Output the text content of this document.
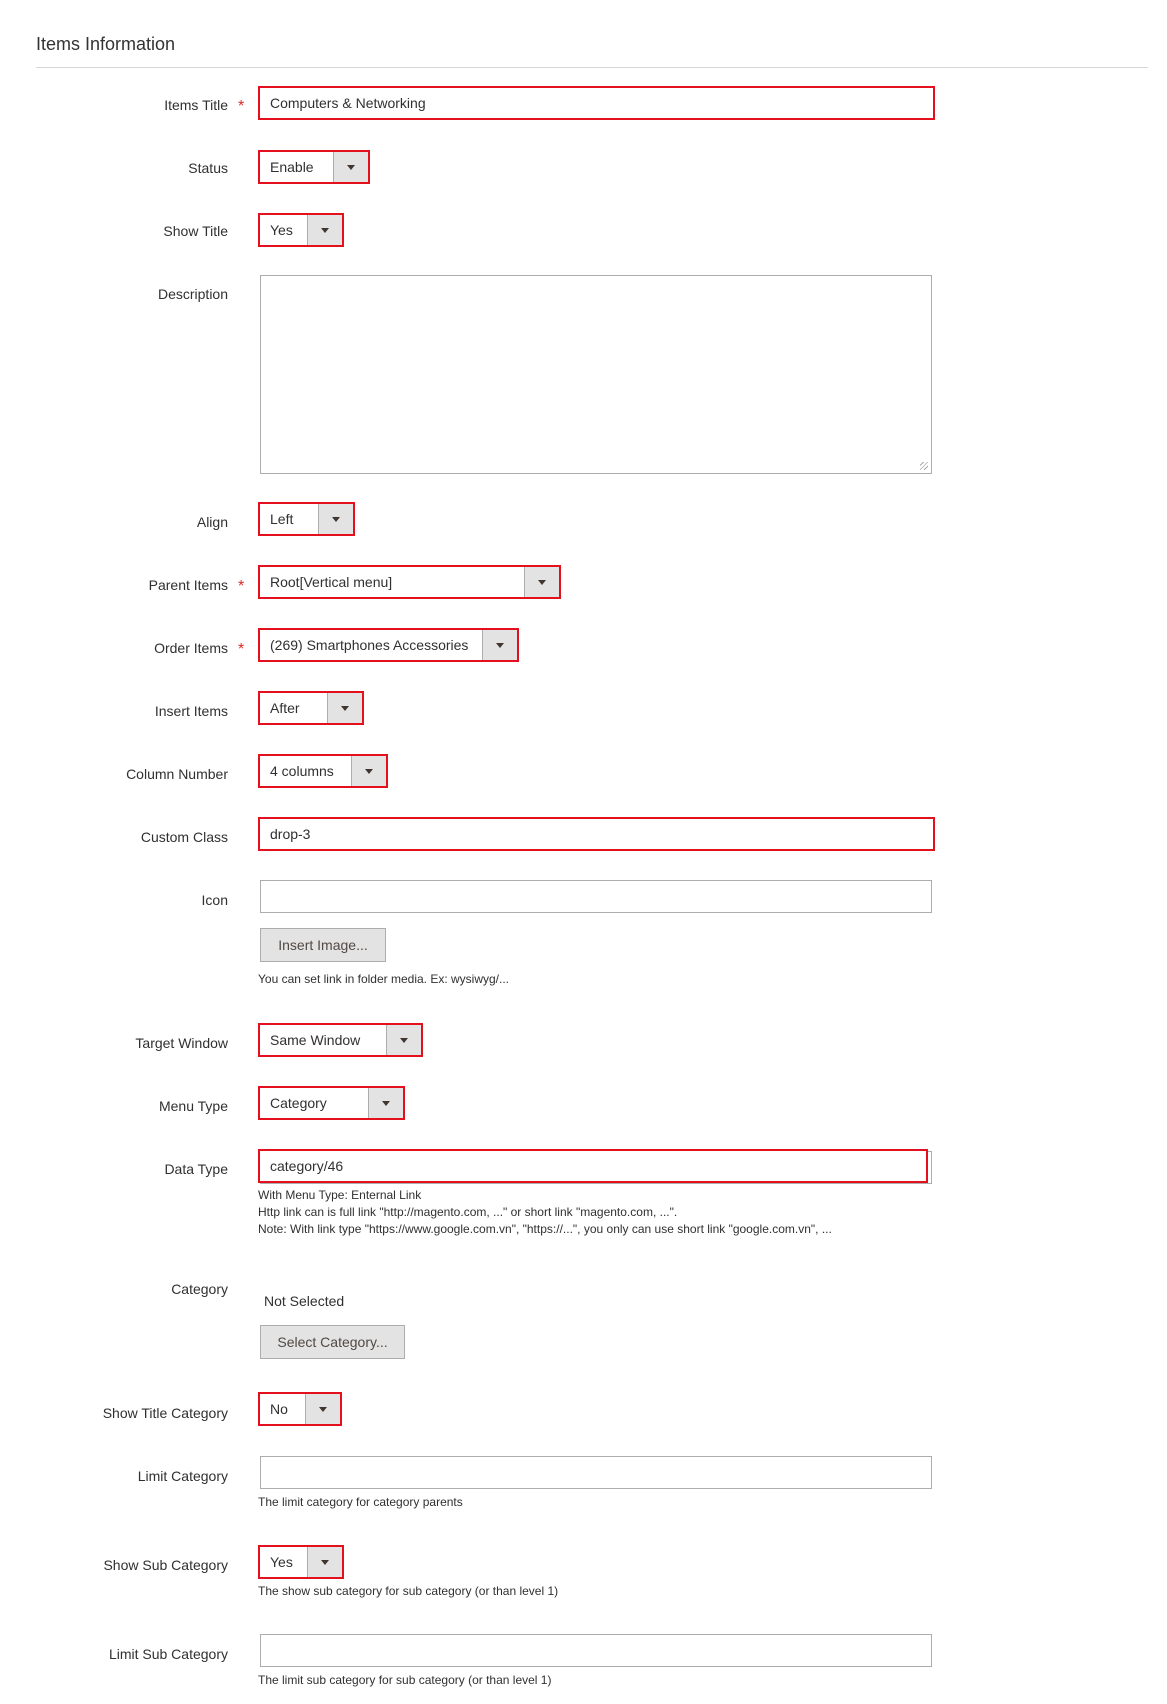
Items Information
Items Title * Computers & Networking
Status	Enable
Show Title	Yes
Description
Align	Left
Parent Items * Root[Vertical menu]
Order Items * (269) Smartphones Accessories
Insert Items	After
Column Number	4 columns
Custom Class	drop-3
Icon
Insert Image...
You can set link in folder media. Ex: wysiwyg/...
Target Window	Same Window
Menu Type	Category
Data Type	category/46
With Menu Type: Enternal Link
Http link can is full link "http://magento.com, ..." or short link "magento.com, ...".
Note: With link type "https://www.google.com.vn", "https://...", you only can use short link "google.com.vn", ...
Category
Not Selected
Select Category...
Show Title Category	No
Limit Category
The limit category for category parents
Show Sub Category	Yes
The show sub category for sub category (or than level 1)
Limit Sub Category
The limit sub category for sub category (or than level 1)
